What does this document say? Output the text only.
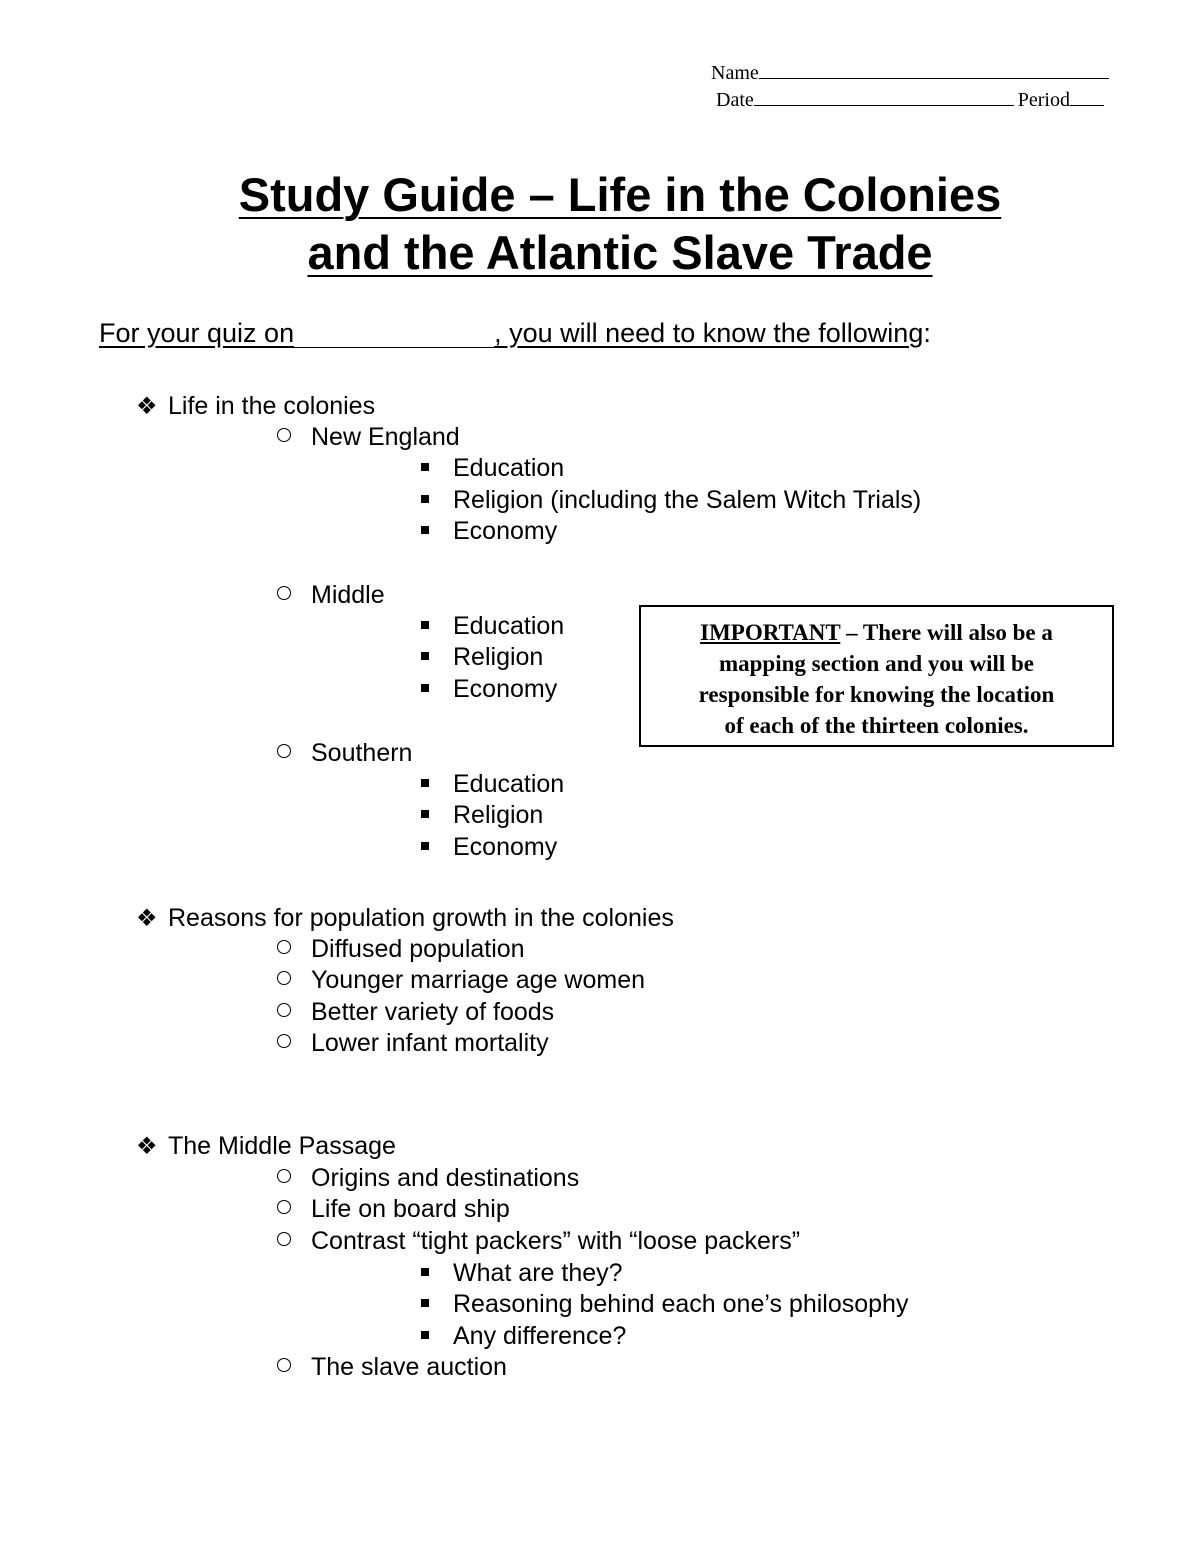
Name
Date	Period
Study Guide – Life in the Colonies
and the Atlantic Slave Trade
For your quiz on	, you will need to know the following:
❖ Life in the colonies
New England
Education
Religion (including the Salem Witch Trials)
Economy
Middle
Education
Religion
Economy
Southern
Education
Religion
Economy
IMPORTANT – There will also be a
mapping section and you will be
responsible for knowing the location
of each of the thirteen colonies.
❖ Reasons for population growth in the colonies
Diffused population
Younger marriage age women
Better variety of foods
Lower infant mortality
❖ The Middle Passage
Origins and destinations
Life on board ship
Contrast “tight packers” with “loose packers”
What are they?
Reasoning behind each one’s philosophy
Any difference?
The slave auction
